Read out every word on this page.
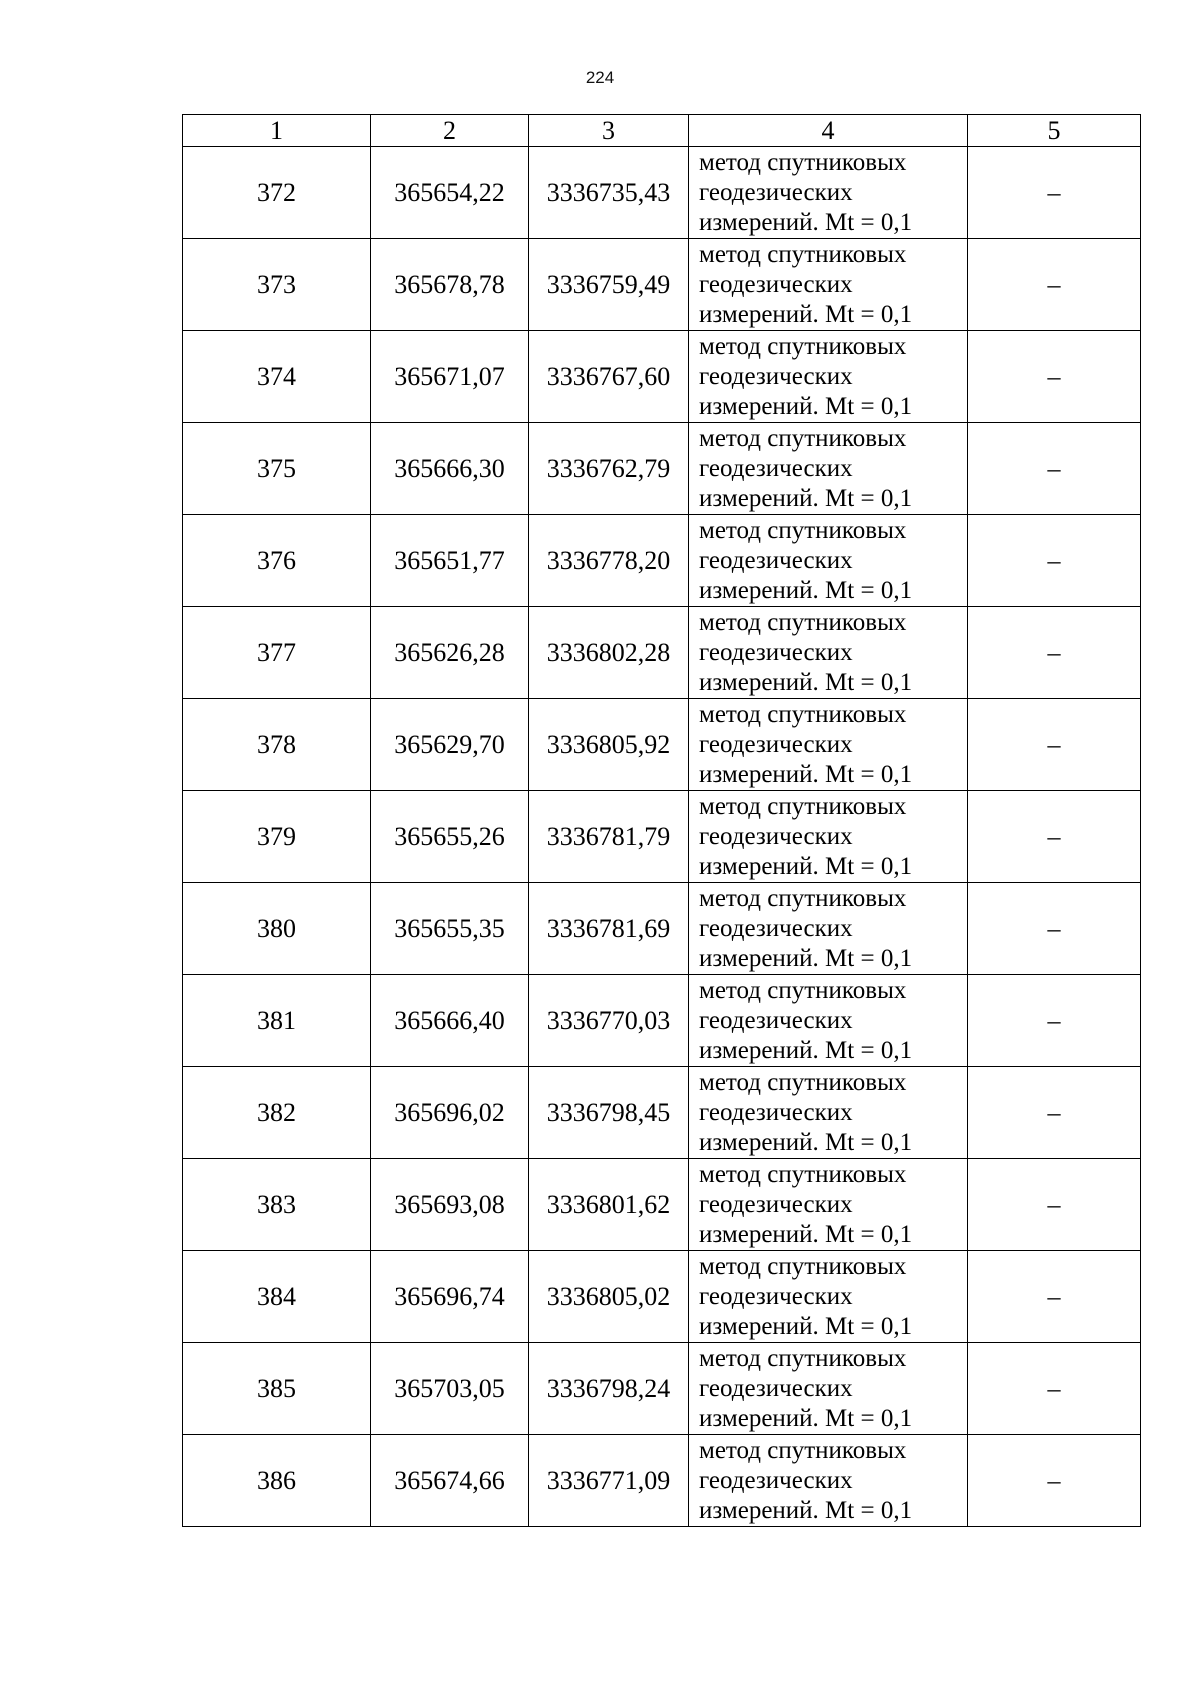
224
1	2	3	4	5
372	365654,22	3336735,43	метод спутниковых
геодезических
измерений. Mt = 0,1	–
373	365678,78	3336759,49	метод спутниковых
геодезических
измерений. Mt = 0,1	–
374	365671,07	3336767,60	метод спутниковых
геодезических
измерений. Mt = 0,1	–
375	365666,30	3336762,79	метод спутниковых
геодезических
измерений. Mt = 0,1	–
376	365651,77	3336778,20	метод спутниковых
геодезических
измерений. Mt = 0,1	–
377	365626,28	3336802,28	метод спутниковых
геодезических
измерений. Mt = 0,1	–
378	365629,70	3336805,92	метод спутниковых
геодезических
измерений. Mt = 0,1	–
379	365655,26	3336781,79	метод спутниковых
геодезических
измерений. Mt = 0,1	–
380	365655,35	3336781,69	метод спутниковых
геодезических
измерений. Mt = 0,1	–
381	365666,40	3336770,03	метод спутниковых
геодезических
измерений. Mt = 0,1	–
382	365696,02	3336798,45	метод спутниковых
геодезических
измерений. Mt = 0,1	–
383	365693,08	3336801,62	метод спутниковых
геодезических
измерений. Mt = 0,1	–
384	365696,74	3336805,02	метод спутниковых
геодезических
измерений. Mt = 0,1	–
385	365703,05	3336798,24	метод спутниковых
геодезических
измерений. Mt = 0,1	–
386	365674,66	3336771,09	метод спутниковых
геодезических
измерений. Mt = 0,1	–
